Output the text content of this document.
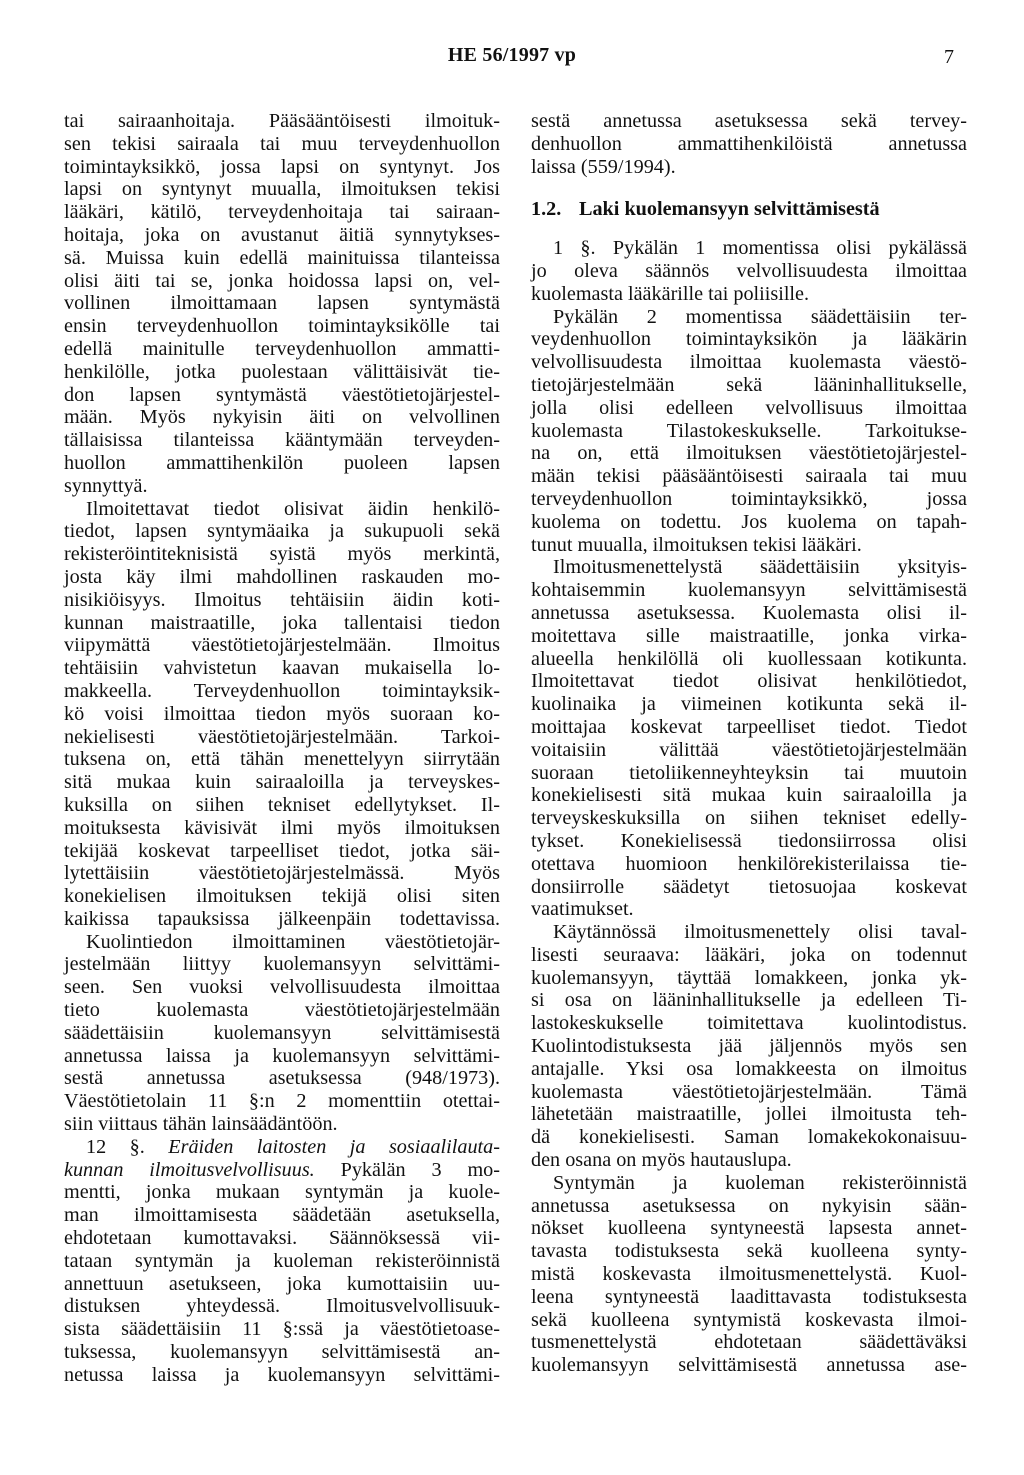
HE 56/1997 vp	7
tai sairaanhoitaja. Pääsääntöisesti ilmoituk-
sen tekisi sairaala tai muu terveydenhuollon
toimintayksikkö, jossa lapsi on syntynyt. Jos
lapsi on syntynyt muualla, ilmoituksen tekisi
lääkäri, kätilö, terveydenhoitaja tai sairaan-
hoitaja, joka on avustanut äitiä synnytykses-
sä. Muissa kuin edellä mainituissa tilanteissa
olisi äiti tai se, jonka hoidossa lapsi on, vel-
vollinen ilmoittamaan lapsen syntymästä
ensin terveydenhuollon toimintayksikölle tai
edellä mainitulle terveydenhuollon ammatti-
henkilölle, jotka puolestaan välittäisivät tie-
don lapsen syntymästä väestötietojärjestel-
mään. Myös nykyisin äiti on velvollinen
tällaisissa tilanteissa kääntymään terveyden-
huollon ammattihenkilön puoleen lapsen
synnyttyä.
Ilmoitettavat tiedot olisivat äidin henkilö-
tiedot, lapsen syntymäaika ja sukupuoli sekä
rekisteröintiteknisistä syistä myös merkintä,
josta käy ilmi mahdollinen raskauden mo-
nisikiöisyys. Ilmoitus tehtäisiin äidin koti-
kunnan maistraatille, joka tallentaisi tiedon
viipymättä väestötietojärjestelmään. Ilmoitus
tehtäisiin vahvistetun kaavan mukaisella lo-
makkeella. Terveydenhuollon toimintayksik-
kö voisi ilmoittaa tiedon myös suoraan ko-
nekielisesti väestötietojärjestelmään. Tarkoi-
tuksena on, että tähän menettelyyn siirrytään
sitä mukaa kuin sairaaloilla ja terveyskes-
kuksilla on siihen tekniset edellytykset. Il-
moituksesta kävisivät ilmi myös ilmoituksen
tekijää koskevat tarpeelliset tiedot, jotka säi-
lytettäisiin väestötietojärjestelmässä. Myös
konekielisen ilmoituksen tekijä olisi siten
kaikissa tapauksissa jälkeenpäin todettavissa.
Kuolintiedon ilmoittaminen väestötietojär-
jestelmään liittyy kuolemansyyn selvittämi-
seen. Sen vuoksi velvollisuudesta ilmoittaa
tieto kuolemasta väestötietojärjestelmään
säädettäisiin kuolemansyyn selvittämisestä
annetussa laissa ja kuolemansyyn selvittämi-
sestä annetussa asetuksessa (948/1973).
Väestötietolain 11 §:n 2 momenttiin otettai-
siin viittaus tähän lainsäädäntöön.
12 §. Eräiden laitosten ja sosiaalilauta-
kunnan ilmoitusvelvollisuus. Pykälän 3 mo-
mentti, jonka mukaan syntymän ja kuole-
man ilmoittamisesta säädetään asetuksella,
ehdotetaan kumottavaksi. Säännöksessä vii-
tataan syntymän ja kuoleman rekisteröinnistä
annettuun asetukseen, joka kumottaisiin uu-
distuksen yhteydessä. Ilmoitusvelvollisuuk-
sista säädettäisiin 11 §:ssä ja väestötietoase-
tuksessa, kuolemansyyn selvittämisestä an-
netussa laissa ja kuolemansyyn selvittämi-
sestä annetussa asetuksessa sekä tervey-
denhuollon ammattihenkilöistä annetussa
laissa (559/1994).
1.2. Laki kuolemansyyn selvittämisestä
1 §. Pykälän 1 momentissa olisi pykälässä
jo oleva säännös velvollisuudesta ilmoittaa
kuolemasta lääkärille tai poliisille.
Pykälän 2 momentissa säädettäisiin ter-
veydenhuollon toimintayksikön ja lääkärin
velvollisuudesta ilmoittaa kuolemasta väestö-
tietojärjestelmään sekä lääninhallitukselle,
jolla olisi edelleen velvollisuus ilmoittaa
kuolemasta Tilastokeskukselle. Tarkoitukse-
na on, että ilmoituksen väestötietojärjestel-
mään tekisi pääsääntöisesti sairaala tai muu
terveydenhuollon toimintayksikkö, jossa
kuolema on todettu. Jos kuolema on tapah-
tunut muualla, ilmoituksen tekisi lääkäri.
Ilmoitusmenettelystä säädettäisiin yksityis-
kohtaisemmin kuolemansyyn selvittämisestä
annetussa asetuksessa. Kuolemasta olisi il-
moitettava sille maistraatille, jonka virka-
alueella henkilöllä oli kuollessaan kotikunta.
Ilmoitettavat tiedot olisivat henkilötiedot,
kuolinaika ja viimeinen kotikunta sekä il-
moittajaa koskevat tarpeelliset tiedot. Tiedot
voitaisiin välittää väestötietojärjestelmään
suoraan tietoliikenneyhteyksin tai muutoin
konekielisesti sitä mukaa kuin sairaaloilla ja
terveyskeskuksilla on siihen tekniset edelly-
tykset. Konekielisessä tiedonsiirrossa olisi
otettava huomioon henkilörekisterilaissa tie-
donsiirrolle säädetyt tietosuojaa koskevat
vaatimukset.
Käytännössä ilmoitusmenettely olisi taval-
lisesti seuraava: lääkäri, joka on todennut
kuolemansyyn, täyttää lomakkeen, jonka yk-
si osa on lääninhallitukselle ja edelleen Ti-
lastokeskukselle toimitettava kuolintodistus.
Kuolintodistuksesta jää jäljennös myös sen
antajalle. Yksi osa lomakkeesta on ilmoitus
kuolemasta väestötietojärjestelmään. Tämä
lähetetään maistraatille, jollei ilmoitusta teh-
dä konekielisesti. Saman lomakekokonaisuu-
den osana on myös hautauslupa.
Syntymän ja kuoleman rekisteröinnistä
annetussa asetuksessa on nykyisin sään-
nökset kuolleena syntyneestä lapsesta annet-
tavasta todistuksesta sekä kuolleena synty-
mistä koskevasta ilmoitusmenettelystä. Kuol-
leena syntyneestä laadittavasta todistuksesta
sekä kuolleena syntymistä koskevasta ilmoi-
tusmenettelystä ehdotetaan säädettäväksi
kuolemansyyn selvittämisestä annetussa ase-
